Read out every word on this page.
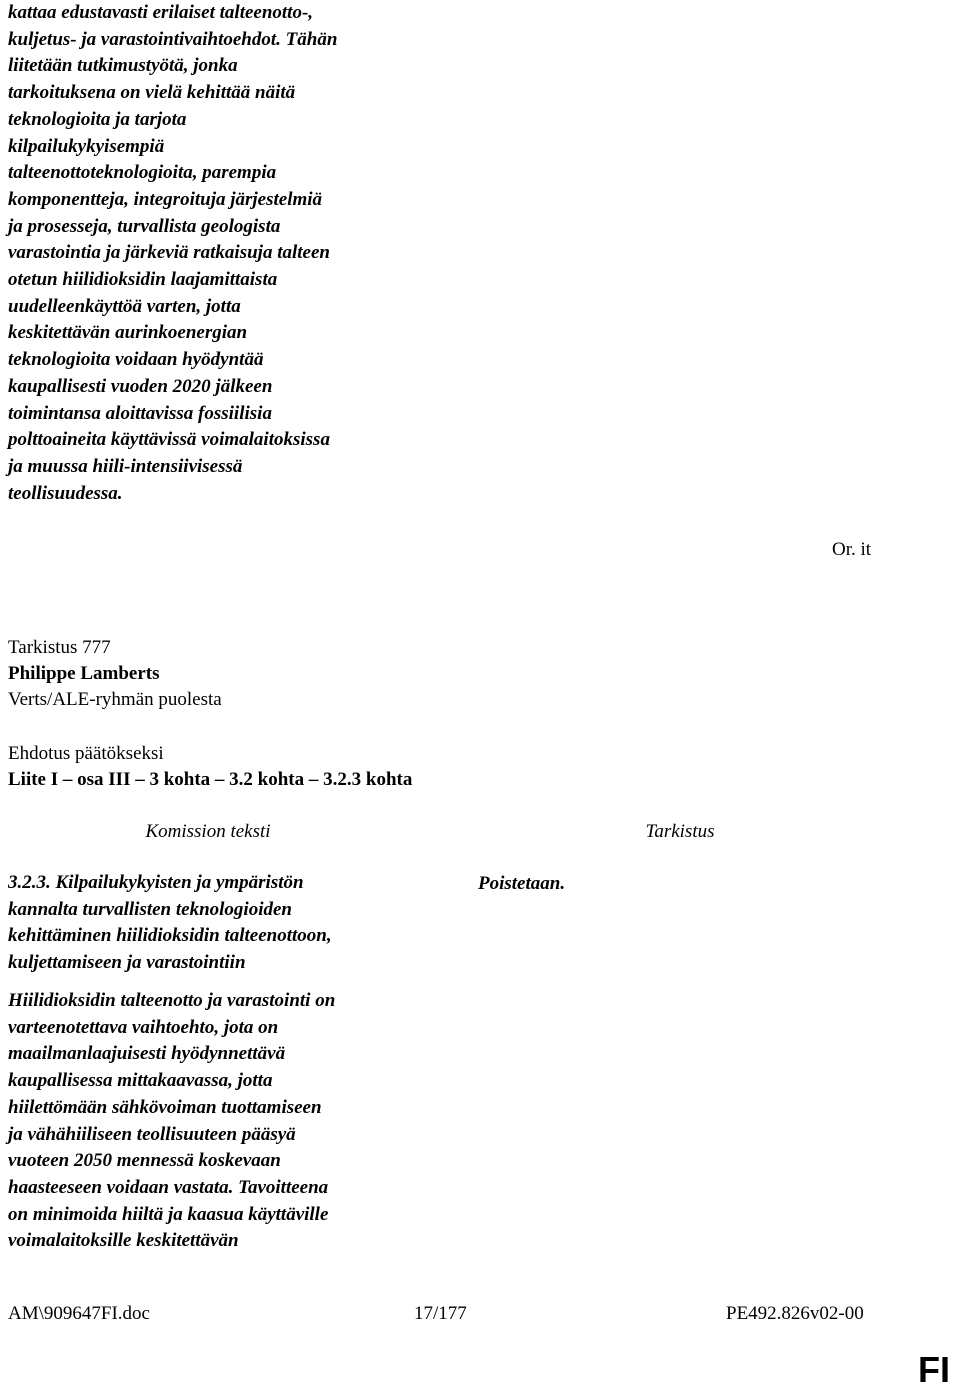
kattaa edustavasti erilaiset talteenotto-,
kuljetus- ja varastointivaihtoehdot. Tähän
liitetään tutkimustyötä, jonka
tarkoituksena on vielä kehittää näitä
teknologioita ja tarjota
kilpailukykyisempiä
talteenottoteknologioita, parempia
komponentteja, integroituja järjestelmiä
ja prosesseja, turvallista geologista
varastointia ja järkeviä ratkaisuja talteen
otetun hiilidioksidin laajamittaista
uudelleenkäyttöä varten, jotta
keskitettävän aurinkoenergian
teknologioita voidaan hyödyntää
kaupallisesti vuoden 2020 jälkeen
toimintansa aloittavissa fossiilisia
polttoaineita käyttävissä voimalaitoksissa
ja muussa hiili-intensiivisessä
teollisuudessa.
Or. it
Tarkistus 777
Philippe Lamberts
Verts/ALE-ryhmän puolesta
Ehdotus päätökseksi
Liite I – osa III – 3 kohta – 3.2 kohta – 3.2.3 kohta
Komission teksti	Tarkistus
3.2.3. Kilpailukykyisten ja ympäristön
kannalta turvallisten teknologioiden
kehittäminen hiilidioksidin talteenottoon,
kuljettamiseen ja varastointiin
Poistetaan.
Hiilidioksidin talteenotto ja varastointi on
varteenotettava vaihtoehto, jota on
maailmanlaajuisesti hyödynnettävä
kaupallisessa mittakaavassa, jotta
hiilettömään sähkövoiman tuottamiseen
ja vähähiiliseen teollisuuteen pääsyä
vuoteen 2050 mennessä koskevaan
haasteeseen voidaan vastata. Tavoitteena
on minimoida hiiltä ja kaasua käyttäville
voimalaitoksille keskitettävän
AM\909647FI.doc	17/177	PE492.826v02-00
FI
